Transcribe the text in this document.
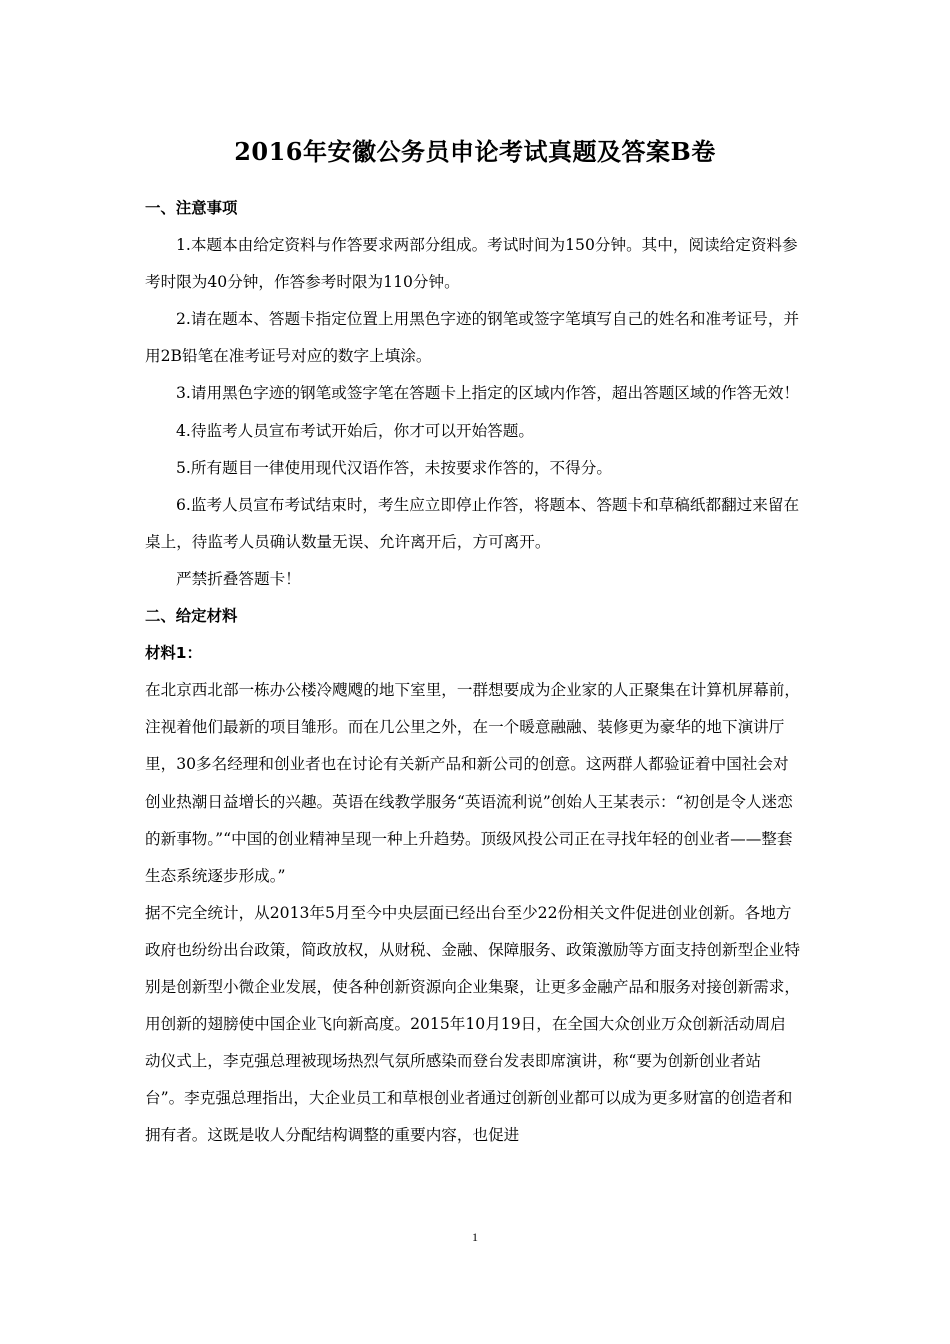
2016年安徽公务员申论考试真题及答案B卷

一、注意事项

1.本题本由给定资料与作答要求两部分组成。考试时间为150分钟。其中，阅读给定资料参考时限为40分钟，作答参考时限为110分钟。

2.请在题本、答题卡指定位置上用黑色字迹的钢笔或签字笔填写自己的姓名和准考证号，并用2B铅笔在准考证号对应的数字上填涂。

3.请用黑色字迹的钢笔或签字笔在答题卡上指定的区域内作答，超出答题区域的作答无效！

4.待监考人员宣布考试开始后，你才可以开始答题。

5.所有题目一律使用现代汉语作答，未按要求作答的，不得分。

6.监考人员宣布考试结束时，考生应立即停止作答，将题本、答题卡和草稿纸都翻过来留在桌上，待监考人员确认数量无误、允许离开后，方可离开。

严禁折叠答题卡！

二、给定材料

材料1：

在北京西北部一栋办公楼冷飕飕的地下室里，一群想要成为企业家的人正聚集在计算机屏幕前，注视着他们最新的项目雏形。而在几公里之外，在一个暖意融融、装修更为豪华的地下演讲厅里，30多名经理和创业者也在讨论有关新产品和新公司的创意。这两群人都验证着中国社会对创业热潮日益增长的兴趣。英语在线教学服务“英语流利说”创始人王某表示：“初创是令人迷恋的新事物。”“中国的创业精神呈现一种上升趋势。顶级风投公司正在寻找年轻的创业者——整套生态系统逐步形成。”

据不完全统计，从2013年5月至今中央层面已经出台至少22份相关文件促进创业创新。各地方政府也纷纷出台政策，简政放权，从财税、金融、保障服务、政策激励等方面支持创新型企业特别是创新型小微企业发展，使各种创新资源向企业集聚，让更多金融产品和服务对接创新需求，用创新的翅膀使中国企业飞向新高度。2015年10月19日，在全国大众创业万众创新活动周启动仪式上，李克强总理被现场热烈气氛所感染而登台发表即席演讲，称“要为创新创业者站台”。李克强总理指出，大企业员工和草根创业者通过创新创业都可以成为更多财富的创造者和拥有者。这既是收人分配结构调整的重要内容，也促进

1
